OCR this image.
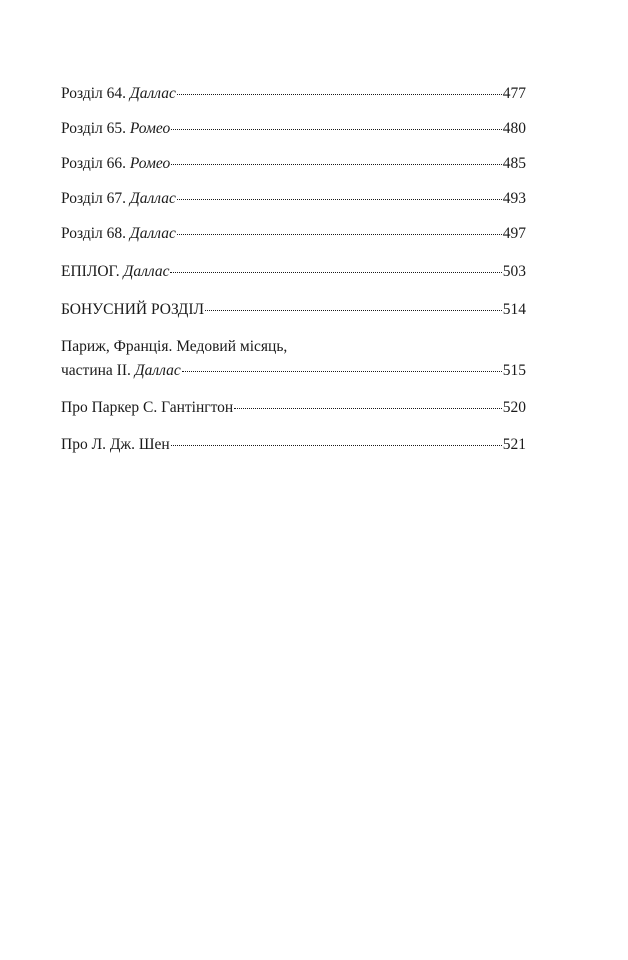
Розділ 64. Даллас	477
Розділ 65. Ромео	480
Розділ 66. Ромео	485
Розділ 67. Даллас	493
Розділ 68. Даллас	497
ЕПІЛОГ. Даллас	503
БОНУСНИЙ РОЗДІЛ	514
Париж, Франція. Медовий місяць,
частина ІІ. Даллас	515
Про Паркер С. Гантінгтон	520
Про Л. Дж. Шен	521
